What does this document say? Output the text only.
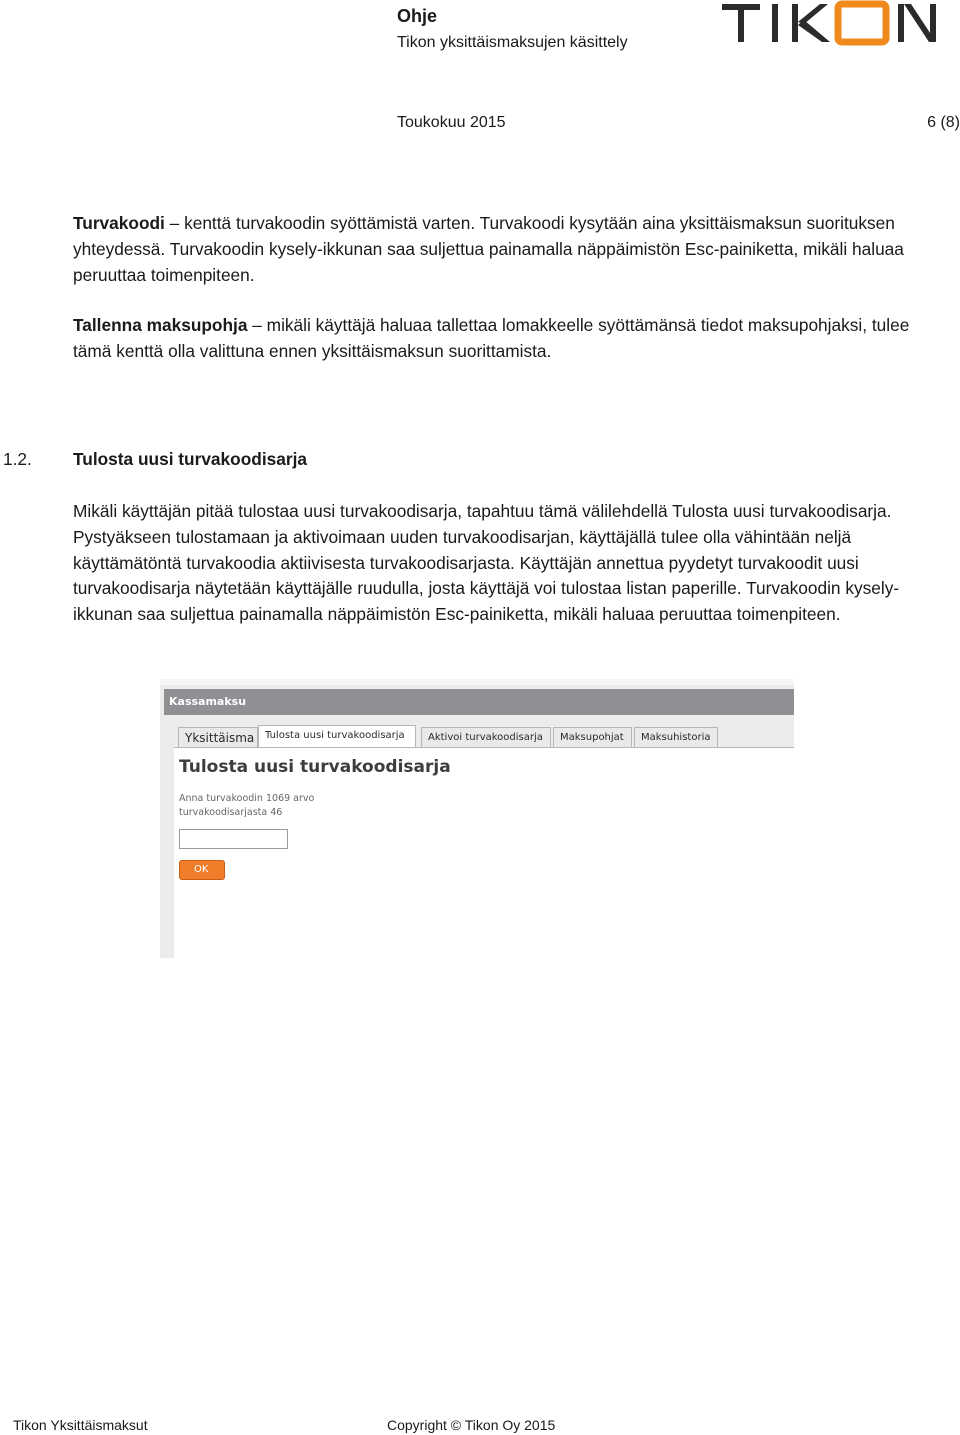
Ohje
Tikon yksittäismaksujen käsittely
Toukokuu 2015	6 (8)
Turvakoodi – kenttä turvakoodin syöttämistä varten. Turvakoodi kysytään aina yksittäismaksun suorituksen yhteydessä. Turvakoodin kysely-ikkunan saa suljettua painamalla näppäimistön Esc-painiketta, mikäli haluaa peruuttaa toimenpiteen.
Tallenna maksupohja – mikäli käyttäjä haluaa tallettaa lomakkeelle syöttämänsä tiedot maksupohjaksi, tulee tämä kenttä olla valittuna ennen yksittäismaksun suorittamista.
1.2. Tulosta uusi turvakoodisarja
Mikäli käyttäjän pitää tulostaa uusi turvakoodisarja, tapahtuu tämä välilehdellä Tulosta uusi turvakoodisarja. Pystyäkseen tulostamaan ja aktivoimaan uuden turvakoodisarjan, käyttäjällä tulee olla vähintään neljä käyttämätöntä turvakoodia aktiivisesta turvakoodisarjasta. Käyttäjän annettua pyydetyt turvakoodit uusi turvakoodisarja näytetään käyttäjälle ruudulla, josta käyttäjä voi tulostaa listan paperille. Turvakoodin kysely-ikkunan saa suljettua painamalla näppäimistön Esc-painiketta, mikäli haluaa peruuttaa toimenpiteen.
Kassamaksu
Yksittäisma	Tulosta uusi turvakoodisarja	Aktivoi turvakoodisarja	Maksupohjat	Maksuhistoria
Tulosta uusi turvakoodisarja
Anna turvakoodin 1069 arvo turvakoodisarjasta 46
OK
Tikon Yksittäismaksut	Copyright © Tikon Oy 2015
